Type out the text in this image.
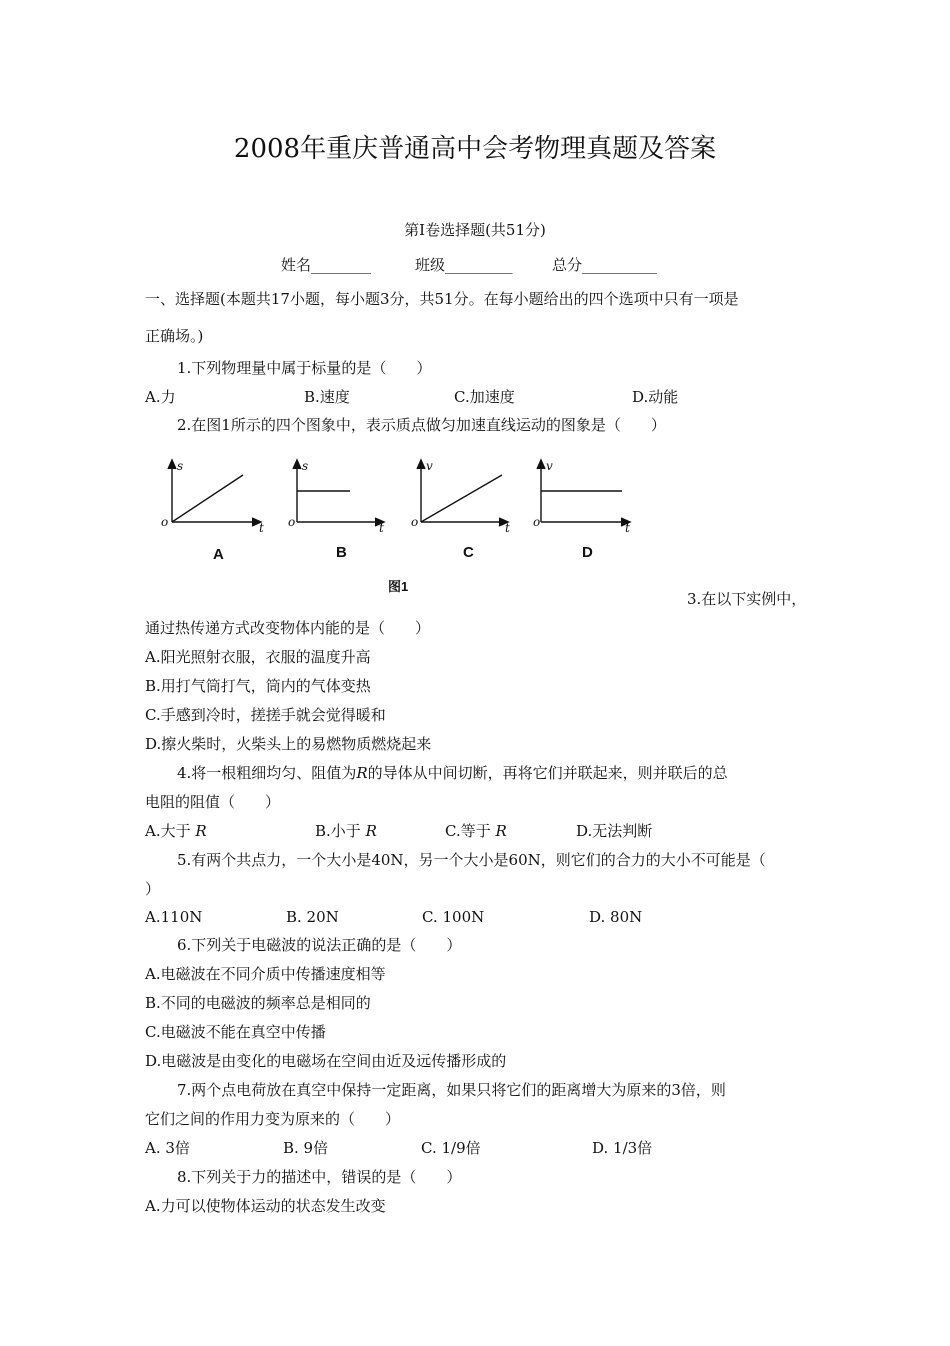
2008年重庆普通高中会考物理真题及答案
第Ⅰ卷选择题(共51分)
姓名________	班级_________	总分__________
一、选择题(本题共17小题，每小题3分，共51分。在每小题给出的四个选项中只有一项是
正确场。)
1.下列物理量中属于标量的是（　　）
A.力	B.速度	C.加速度	D.动能
2.在图1所示的四个图象中，表示质点做匀加速直线运动的图象是（　　）
s
o	t
s
o	t
v
o	t
v
o	t
A	B	C	D
图1
3.在以下实例中，
通过热传递方式改变物体内能的是（　　）
A.阳光照射衣服，衣服的温度升高
B.用打气筒打气，筒内的气体变热
C.手感到冷时，搓搓手就会觉得暖和
D.擦火柴时，火柴头上的易燃物质燃烧起来
4.将一根粗细均匀、阻值为R的导体从中间切断，再将它们并联起来，则并联后的总
电阻的阻值（　　）
A.大于 R	B.小于 R	C.等于 R	D.无法判断
5.有两个共点力，一个大小是40N，另一个大小是60N，则它们的合力的大小不可能是（
）
A.110N	B. 20N	C. 100N	D. 80N
6.下列关于电磁波的说法正确的是（　　）
A.电磁波在不同介质中传播速度相等
B.不同的电磁波的频率总是相同的
C.电磁波不能在真空中传播
D.电磁波是由变化的电磁场在空间由近及远传播形成的
7.两个点电荷放在真空中保持一定距离，如果只将它们的距离增大为原来的3倍，则
它们之间的作用力变为原来的（　　）
A. 3倍	B. 9倍	C. 1/9倍	D. 1/3倍
8.下列关于力的描述中，错误的是（　　）
A.力可以使物体运动的状态发生改变
